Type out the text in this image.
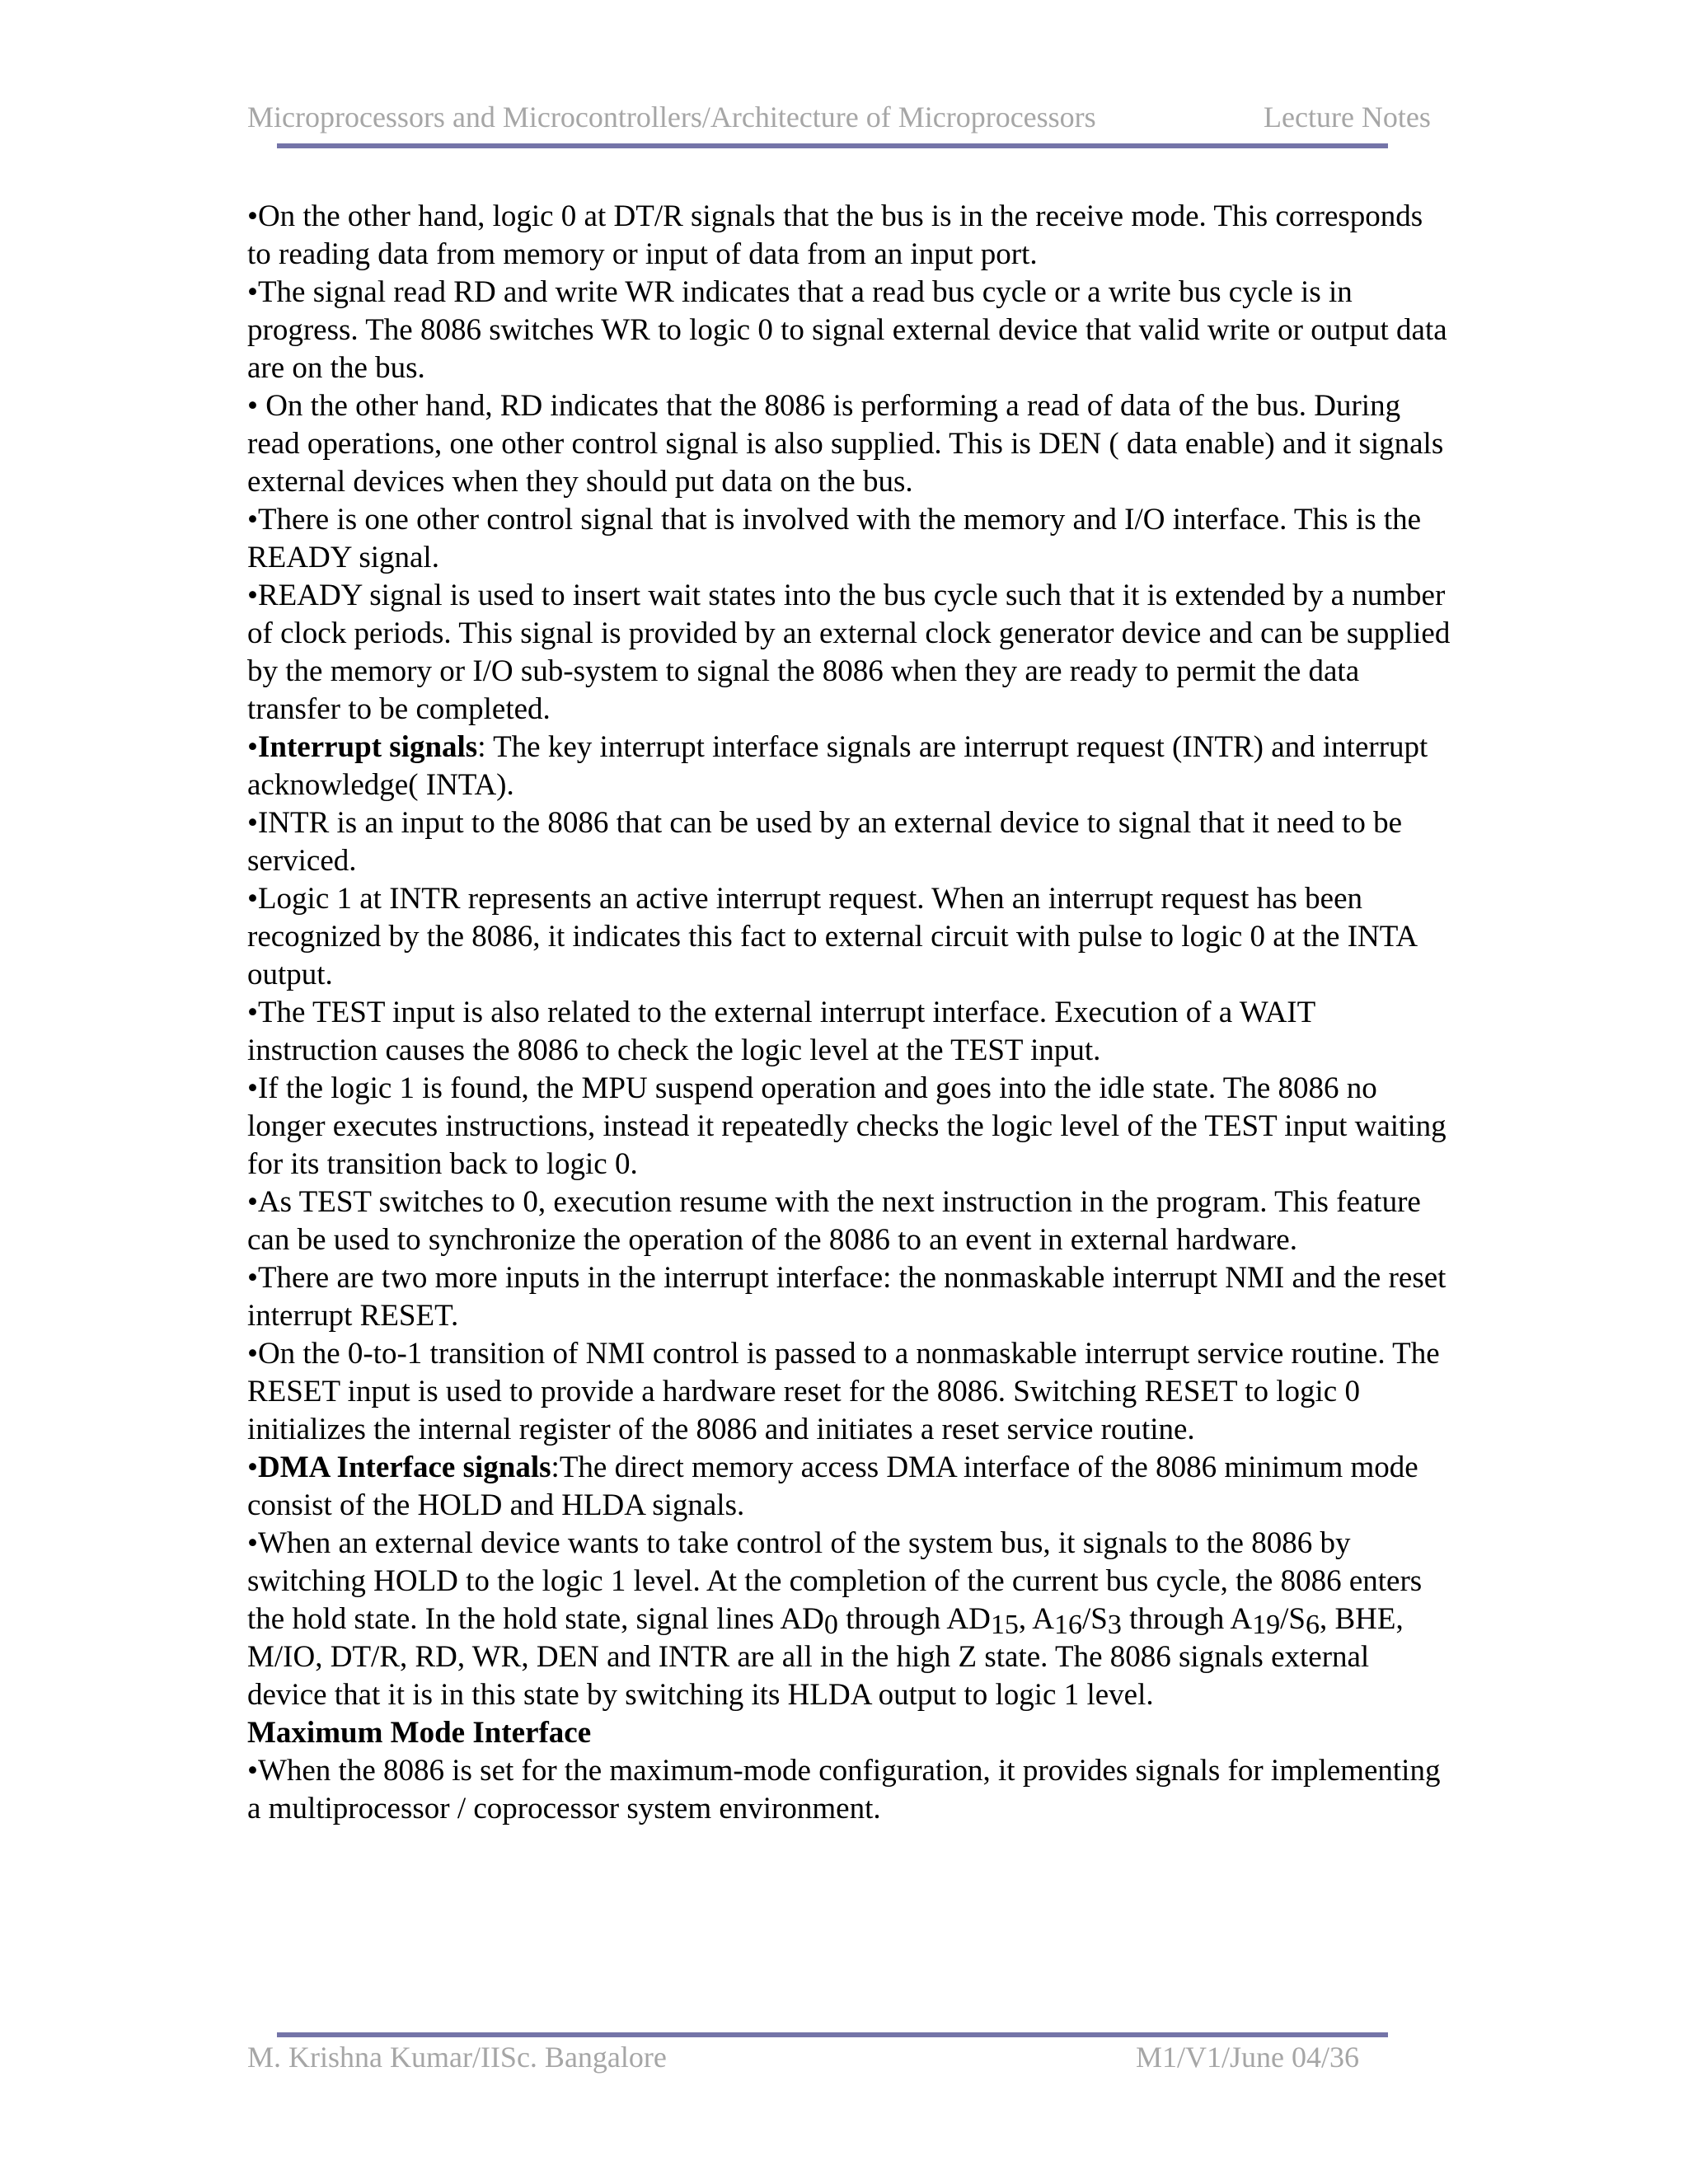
Microprocessors and Microcontrollers/Architecture of Microprocessors	Lecture Notes

•On the other hand, logic 0 at DT/R signals that the bus is in the receive mode. This corresponds to reading data from memory or input of data from an input port.

•The signal read RD and write WR indicates that a read bus cycle or a write bus cycle is in progress. The 8086 switches WR to logic 0 to signal external device that valid write or output data are on the bus.

• On the other hand, RD indicates that the 8086 is performing a read of data of the bus. During read operations, one other control signal is also supplied. This is DEN ( data enable) and it signals external devices when they should put data on the bus.

•There is one other control signal that is involved with the memory and I/O interface. This is the READY signal.

•READY signal is used to insert wait states into the bus cycle such that it is extended by a number of clock periods. This signal is provided by an external clock generator device and can be supplied by the memory or I/O sub-system to signal the 8086 when they are ready to permit the data transfer to be completed.

•Interrupt signals: The key interrupt interface signals are interrupt request (INTR) and interrupt acknowledge( INTA).

•INTR is an input to the 8086 that can be used by an external device to signal that it need to be serviced.

•Logic 1 at INTR represents an active interrupt request. When an interrupt request has been recognized by the 8086, it indicates this fact to external circuit with pulse to logic 0 at the INTA output.

•The TEST input is also related to the external interrupt interface. Execution of a WAIT instruction causes the 8086 to check the logic level at the TEST input.

•If the logic 1 is found, the MPU suspend operation and goes into the idle state. The 8086 no longer executes instructions, instead it repeatedly checks the logic level of the TEST input waiting for its transition back to logic 0.

•As TEST switches to 0, execution resume with the next instruction in the program. This feature can be used to synchronize the operation of the 8086 to an event in external hardware.

•There are two more inputs in the interrupt interface: the nonmaskable interrupt NMI and the reset interrupt RESET.

•On the 0-to-1 transition of NMI control is passed to a nonmaskable interrupt service routine. The RESET input is used to provide a hardware reset for the 8086. Switching RESET to logic 0 initializes the internal register of the 8086 and initiates a reset service routine.

•DMA Interface signals:The direct memory access DMA interface of the 8086 minimum mode consist of the HOLD and HLDA signals.

•When an external device wants to take control of the system bus, it signals to the 8086 by switching HOLD to the logic 1 level. At the completion of the current bus cycle, the 8086 enters the hold state. In the hold state, signal lines AD0 through AD15, A16/S3 through A19/S6, BHE, M/IO, DT/R, RD, WR, DEN and INTR are all in the high Z state. The 8086 signals external device that it is in this state by switching its HLDA output to logic 1 level.

Maximum Mode Interface

•When the 8086 is set for the maximum-mode configuration, it provides signals for implementing a multiprocessor / coprocessor system environment.

M. Krishna Kumar/IISc. Bangalore	M1/V1/June 04/36
